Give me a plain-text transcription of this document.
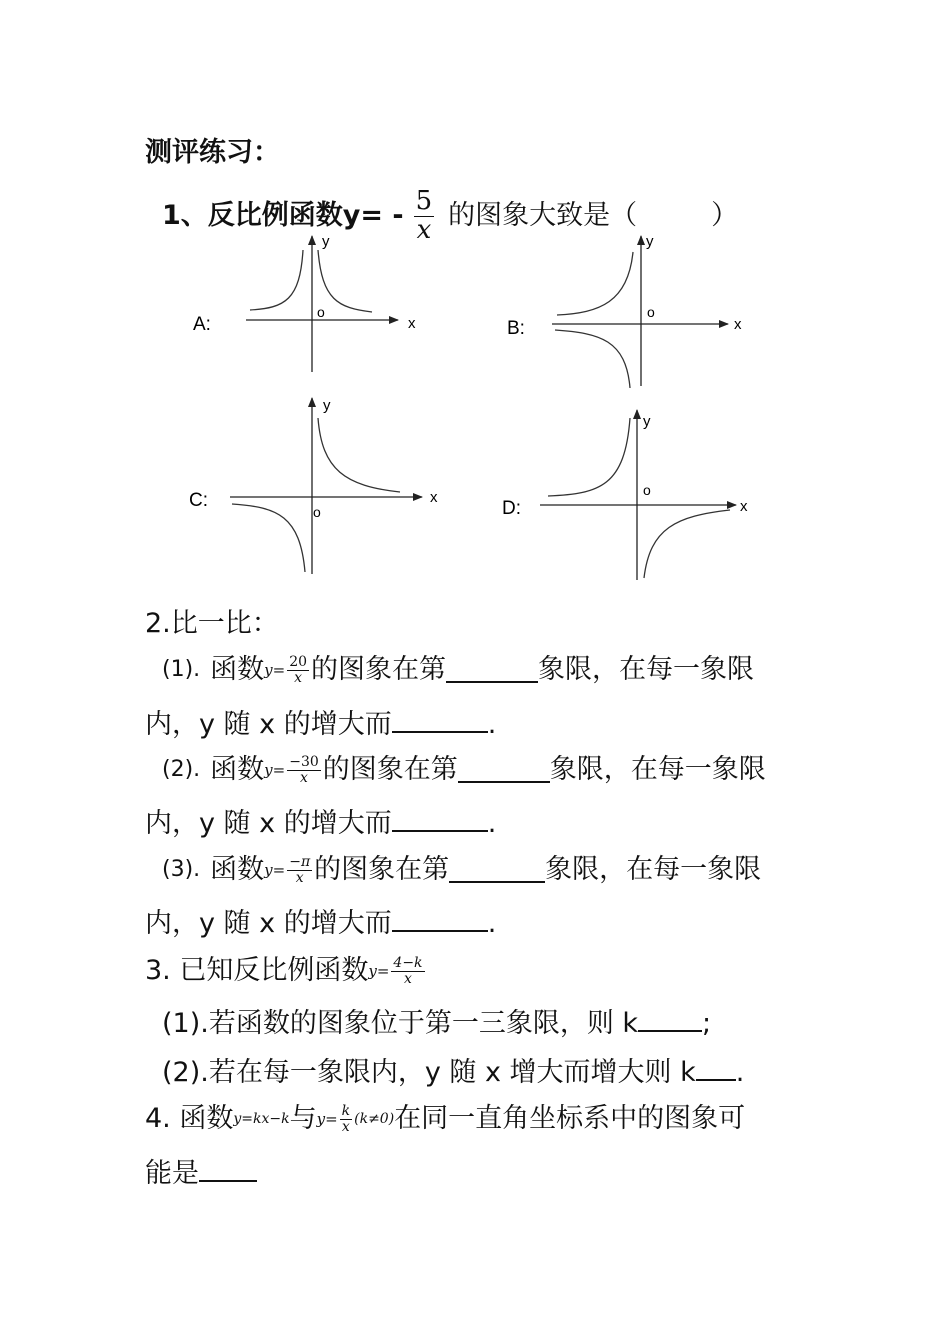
测评练习：
1、反比例函数$y= - \frac{5}{x}$ 的图象大致是（	）
x
y
o
A:	x
y
o
B:
x
y
o
C:	x
y
o
D:
2.比一比：
(1). 函数 $y = \frac{20}{x}$ 的图象在第	象限，在每一象限
内，y 随 x 的增大而	.
(2). 函数 $y = \frac{-30}{x}$ 的图象在第	象限，在每一象限
内，y 随 x 的增大而	.
(3). 函数 $y = \frac{-\pi}{x}$ 的图象在第	象限，在每一象限
内，y 随 x 的增大而	.
3. 已知反比例函数 $y = \frac{4-k}{x}$
(1).若函数的图象位于第一三象限，则 k ;
(2).若在每一象限内，y 随 x 增大而增大则 k .
4. 函数 y=kx−k 与 $y = \frac{k}{x} (k\ne 0)$ 在同一直角坐标系中的图象可
能是
